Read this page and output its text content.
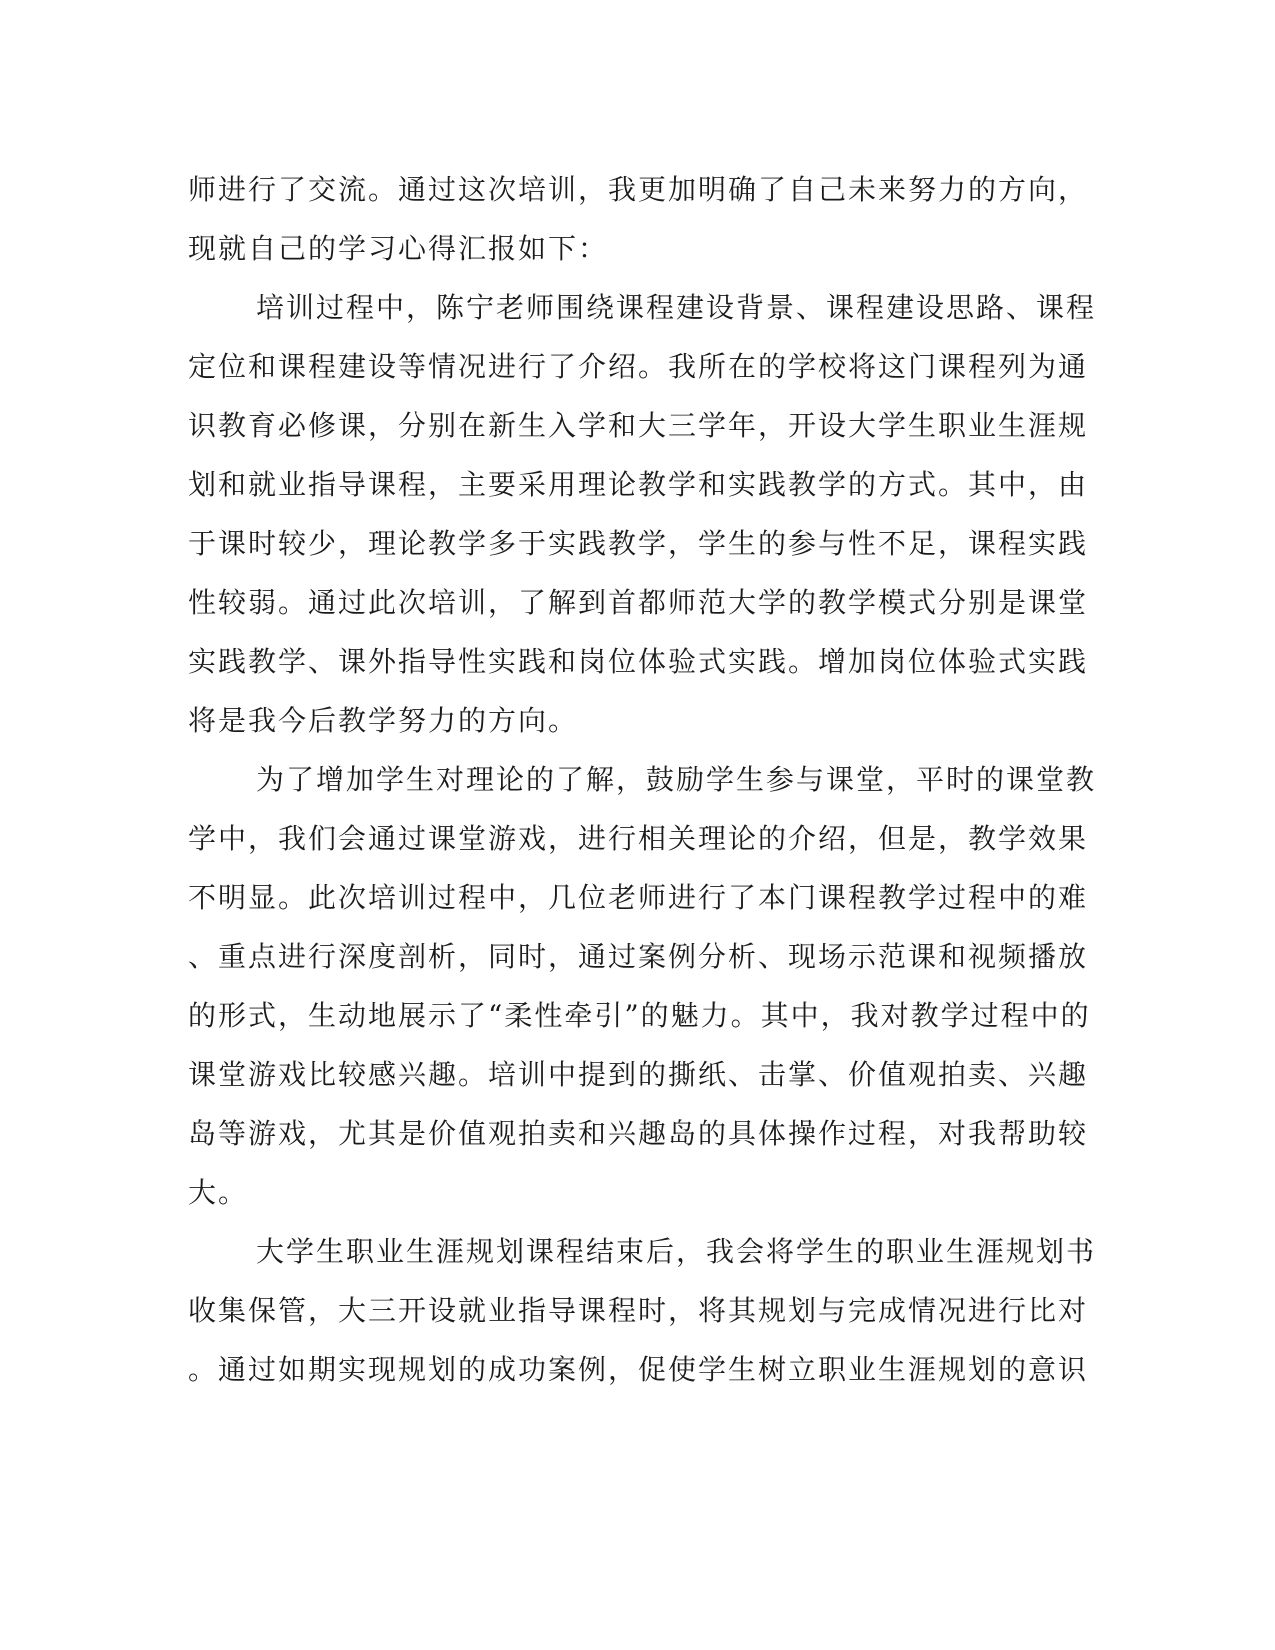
师进行了交流。通过这次培训，我更加明确了自己未来努力的方向，
现就自己的学习心得汇报如下：
培训过程中，陈宁老师围绕课程建设背景、课程建设思路、课程
定位和课程建设等情况进行了介绍。我所在的学校将这门课程列为通
识教育必修课，分别在新生入学和大三学年，开设大学生职业生涯规
划和就业指导课程，主要采用理论教学和实践教学的方式。其中，由
于课时较少，理论教学多于实践教学，学生的参与性不足，课程实践
性较弱。通过此次培训，了解到首都师范大学的教学模式分别是课堂
实践教学、课外指导性实践和岗位体验式实践。增加岗位体验式实践
将是我今后教学努力的方向。
为了增加学生对理论的了解，鼓励学生参与课堂，平时的课堂教
学中，我们会通过课堂游戏，进行相关理论的介绍，但是，教学效果
不明显。此次培训过程中，几位老师进行了本门课程教学过程中的难
、重点进行深度剖析，同时，通过案例分析、现场示范课和视频播放
的形式，生动地展示了“柔性牵引”的魅力。其中，我对教学过程中的
课堂游戏比较感兴趣。培训中提到的撕纸、击掌、价值观拍卖、兴趣
岛等游戏，尤其是价值观拍卖和兴趣岛的具体操作过程，对我帮助较
大。
大学生职业生涯规划课程结束后，我会将学生的职业生涯规划书
收集保管，大三开设就业指导课程时，将其规划与完成情况进行比对
。通过如期实现规划的成功案例，促使学生树立职业生涯规划的意识
